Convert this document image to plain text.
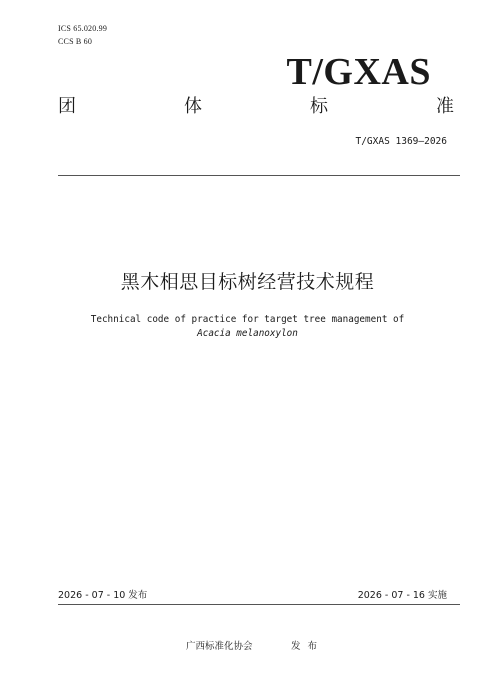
ICS 65.020.99
CCS B 60
T/GXAS
团	体	标	准
T/GXAS 1369—2026
黑木相思目标树经营技术规程
Technical code of practice for target tree management of
Acacia melanoxylon
2026 - 07 - 10 发布	2026 - 07 - 16 实施
广西标准化协会	发布
